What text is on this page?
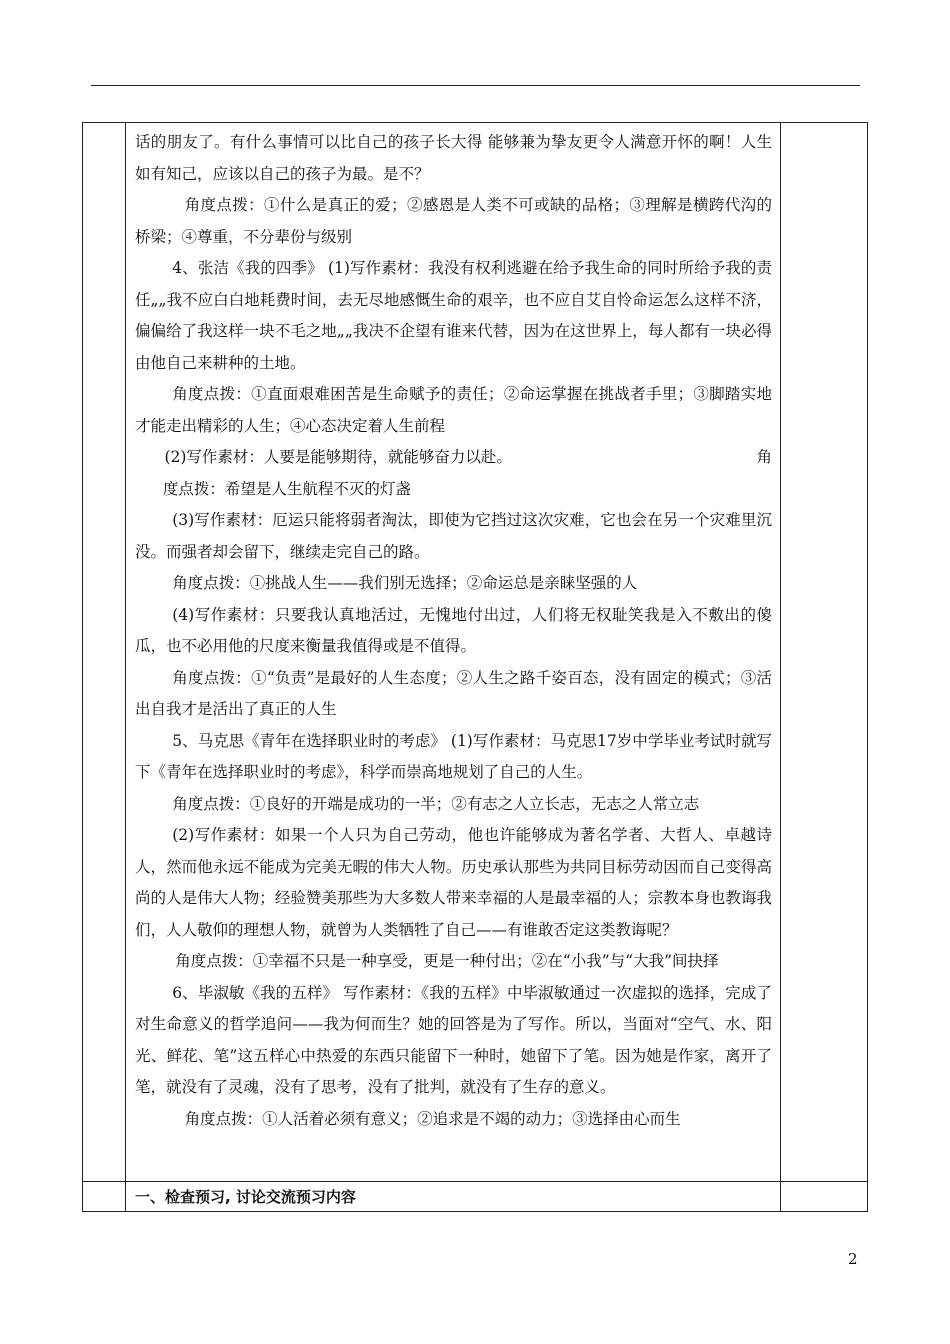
话的朋友了。有什么事情可以比自己的孩子长大得 能够兼为挚友更令人满意开怀的啊！人生如有知己，应该以自己的孩子为最。是不？

角度点拨：①什么是真正的爱；②感恩是人类不可或缺的品格；③理解是横跨代沟的桥梁；④尊重，不分辈份与级别

4、张洁《我的四季》 (1)写作素材：我没有权利逃避在给予我生命的同时所给予我的责任„„我不应白白地耗费时间，去无尽地感慨生命的艰辛，也不应自艾自怜命运怎么这样不济，偏偏给了我这样一块不毛之地„„我决不企望有谁来代替，因为在这世界上，每人都有一块必得由他自己来耕种的土地。

角度点拨：①直面艰难困苦是生命赋予的责任；②命运掌握在挑战者手里；③脚踏实地才能走出精彩的人生；④心态决定着人生前程

(2)写作素材：人要是能够期待，就能够奋力以赴。	角

度点拨：希望是人生航程不灭的灯盏

(3)写作素材：厄运只能将弱者淘汰，即使为它挡过这次灾难，它也会在另一个灾难里沉没。而强者却会留下，继续走完自己的路。

角度点拨：①挑战人生——我们别无选择；②命运总是亲睐坚强的人

(4)写作素材：只要我认真地活过，无愧地付出过，人们将无权耻笑我是入不敷出的傻瓜，也不必用他的尺度来衡量我值得或是不值得。

角度点拨：①“负责”是最好的人生态度；②人生之路千姿百态，没有固定的模式；③活出自我才是活出了真正的人生

5、马克思《青年在选择职业时的考虑》 (1)写作素材：马克思17岁中学毕业考试时就写下《青年在选择职业时的考虑》，科学而崇高地规划了自己的人生。

角度点拨：①良好的开端是成功的一半；②有志之人立长志，无志之人常立志

(2)写作素材：如果一个人只为自己劳动，他也许能够成为著名学者、大哲人、卓越诗人，然而他永远不能成为完美无暇的伟大人物。历史承认那些为共同目标劳动因而自己变得高尚的人是伟大人物；经验赞美那些为大多数人带来幸福的人是最幸福的人；宗教本身也教诲我们，人人敬仰的理想人物，就曾为人类牺牲了自己——有谁敢否定这类教诲呢？

角度点拨：①幸福不只是一种享受，更是一种付出；②在“小我”与“大我”间抉择

6、毕淑敏《我的五样》 写作素材：《我的五样》中毕淑敏通过一次虚拟的选择，完成了对生命意义的哲学追问——我为何而生？她的回答是为了写作。所以，当面对“空气、水、阳光、鲜花、笔”这五样心中热爱的东西只能留下一种时，她留下了笔。因为她是作家，离开了笔，就没有了灵魂，没有了思考，没有了批判，就没有了生存的意义。

角度点拨：①人活着必须有意义；②追求是不竭的动力；③选择由心而生

一、检查预习, 讨论交流预习内容
2
